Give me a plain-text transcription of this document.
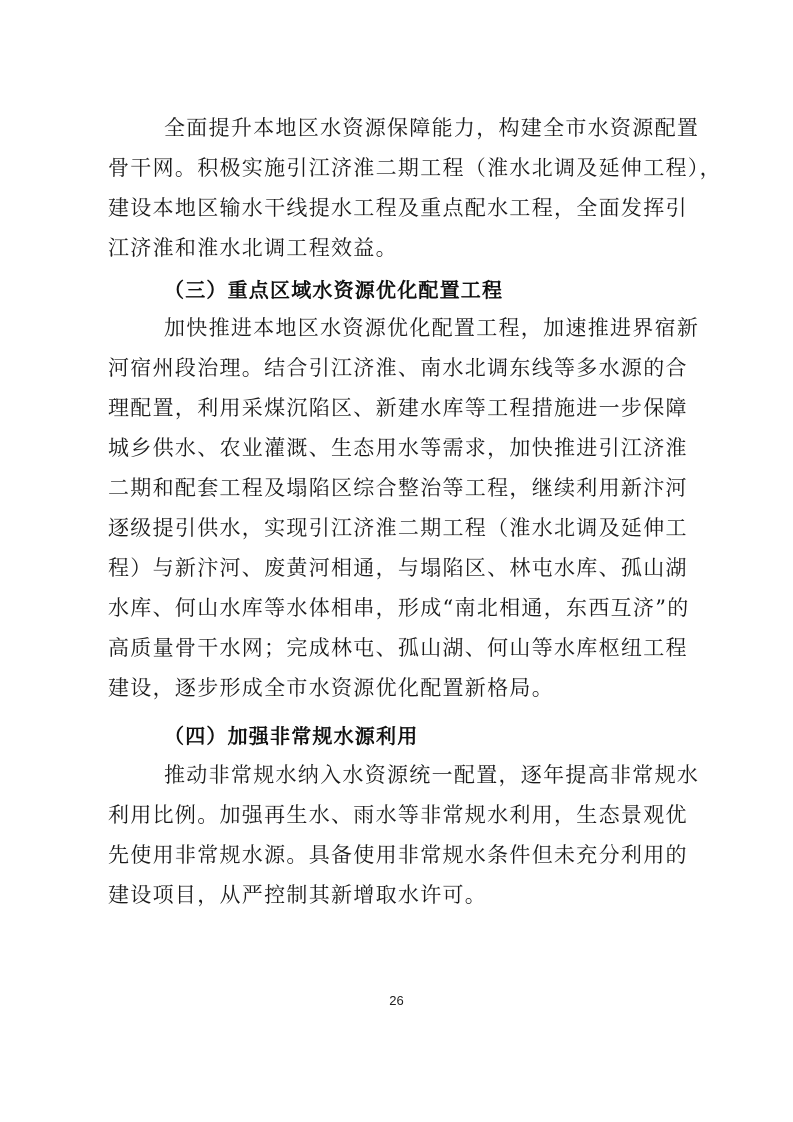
全面提升本地区水资源保障能力，构建全市水资源配置
骨干网。积极实施引江济淮二期工程（淮水北调及延伸工程），
建设本地区输水干线提水工程及重点配水工程，全面发挥引
江济淮和淮水北调工程效益。
（三）重点区域水资源优化配置工程
加快推进本地区水资源优化配置工程，加速推进界宿新
河宿州段治理。结合引江济淮、南水北调东线等多水源的合
理配置，利用采煤沉陷区、新建水库等工程措施进一步保障
城乡供水、农业灌溉、生态用水等需求，加快推进引江济淮
二期和配套工程及塌陷区综合整治等工程，继续利用新汴河
逐级提引供水，实现引江济淮二期工程（淮水北调及延伸工
程）与新汴河、废黄河相通，与塌陷区、林屯水库、孤山湖
水库、何山水库等水体相串，形成“南北相通，东西互济”的
高质量骨干水网；完成林屯、孤山湖、何山等水库枢纽工程
建设，逐步形成全市水资源优化配置新格局。
（四）加强非常规水源利用
推动非常规水纳入水资源统一配置，逐年提高非常规水
利用比例。加强再生水、雨水等非常规水利用，生态景观优
先使用非常规水源。具备使用非常规水条件但未充分利用的
建设项目，从严控制其新增取水许可。
26
